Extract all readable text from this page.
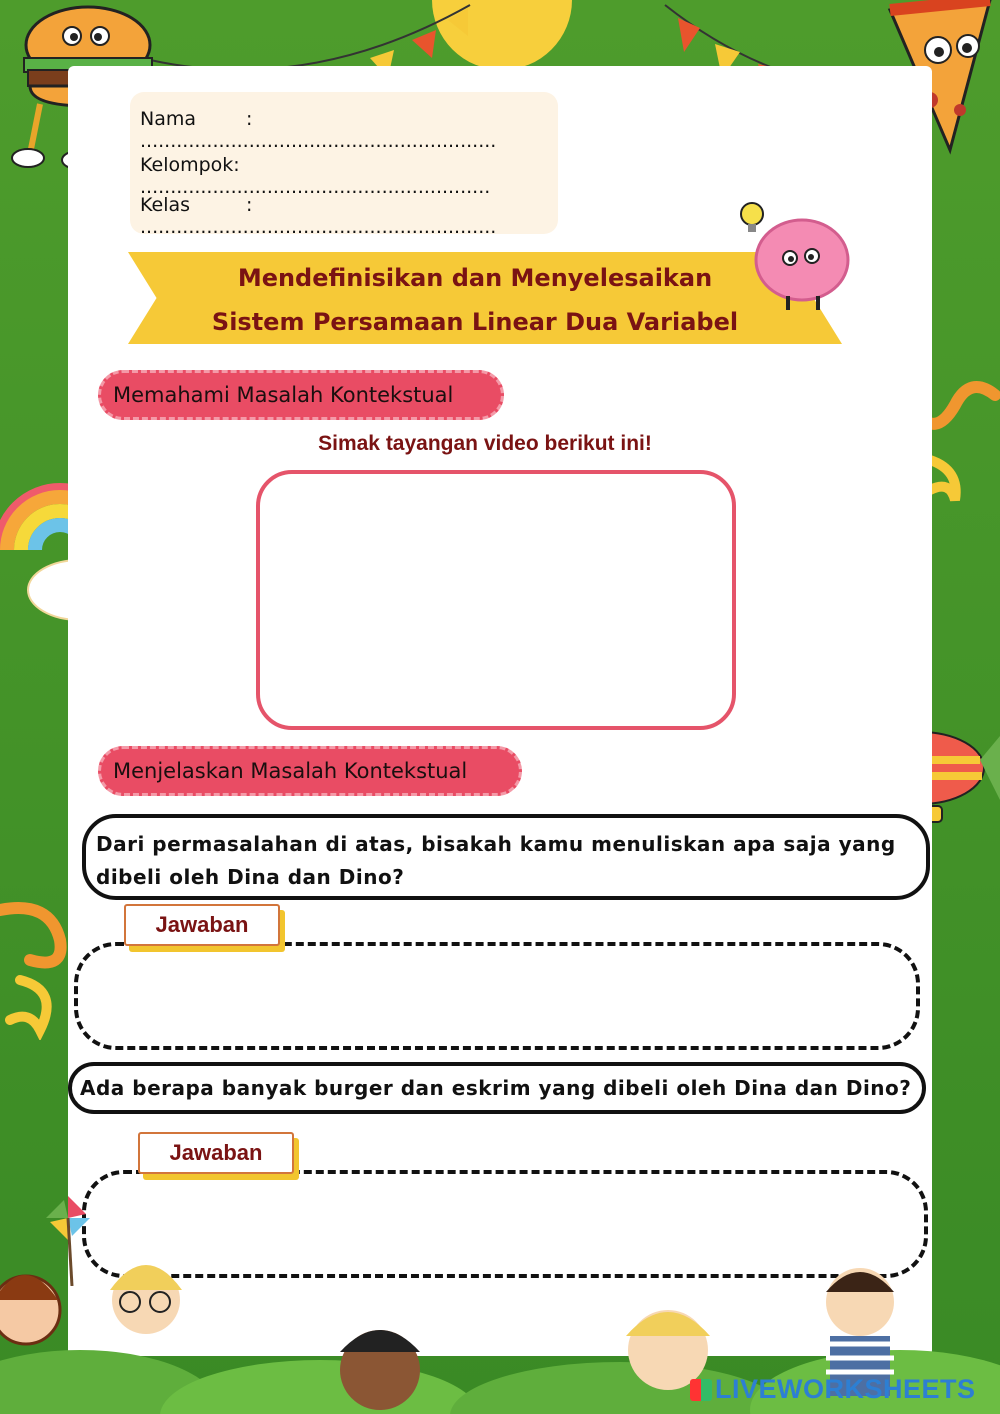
Nama	: ...........................................................
Kelompok: ..........................................................
Kelas	: ...........................................................
Mendefinisikan dan Menyelesaikan
Sistem Persamaan Linear Dua Variabel
Memahami Masalah Kontekstual
Simak tayangan video berikut ini!
Menjelaskan Masalah Kontekstual
Dari permasalahan di atas, bisakah kamu menuliskan apa saja yang dibeli oleh Dina dan Dino?
Jawaban
Ada berapa banyak burger dan eskrim yang dibeli oleh Dina dan Dino?
Jawaban
LIVEWORKSHEETS
